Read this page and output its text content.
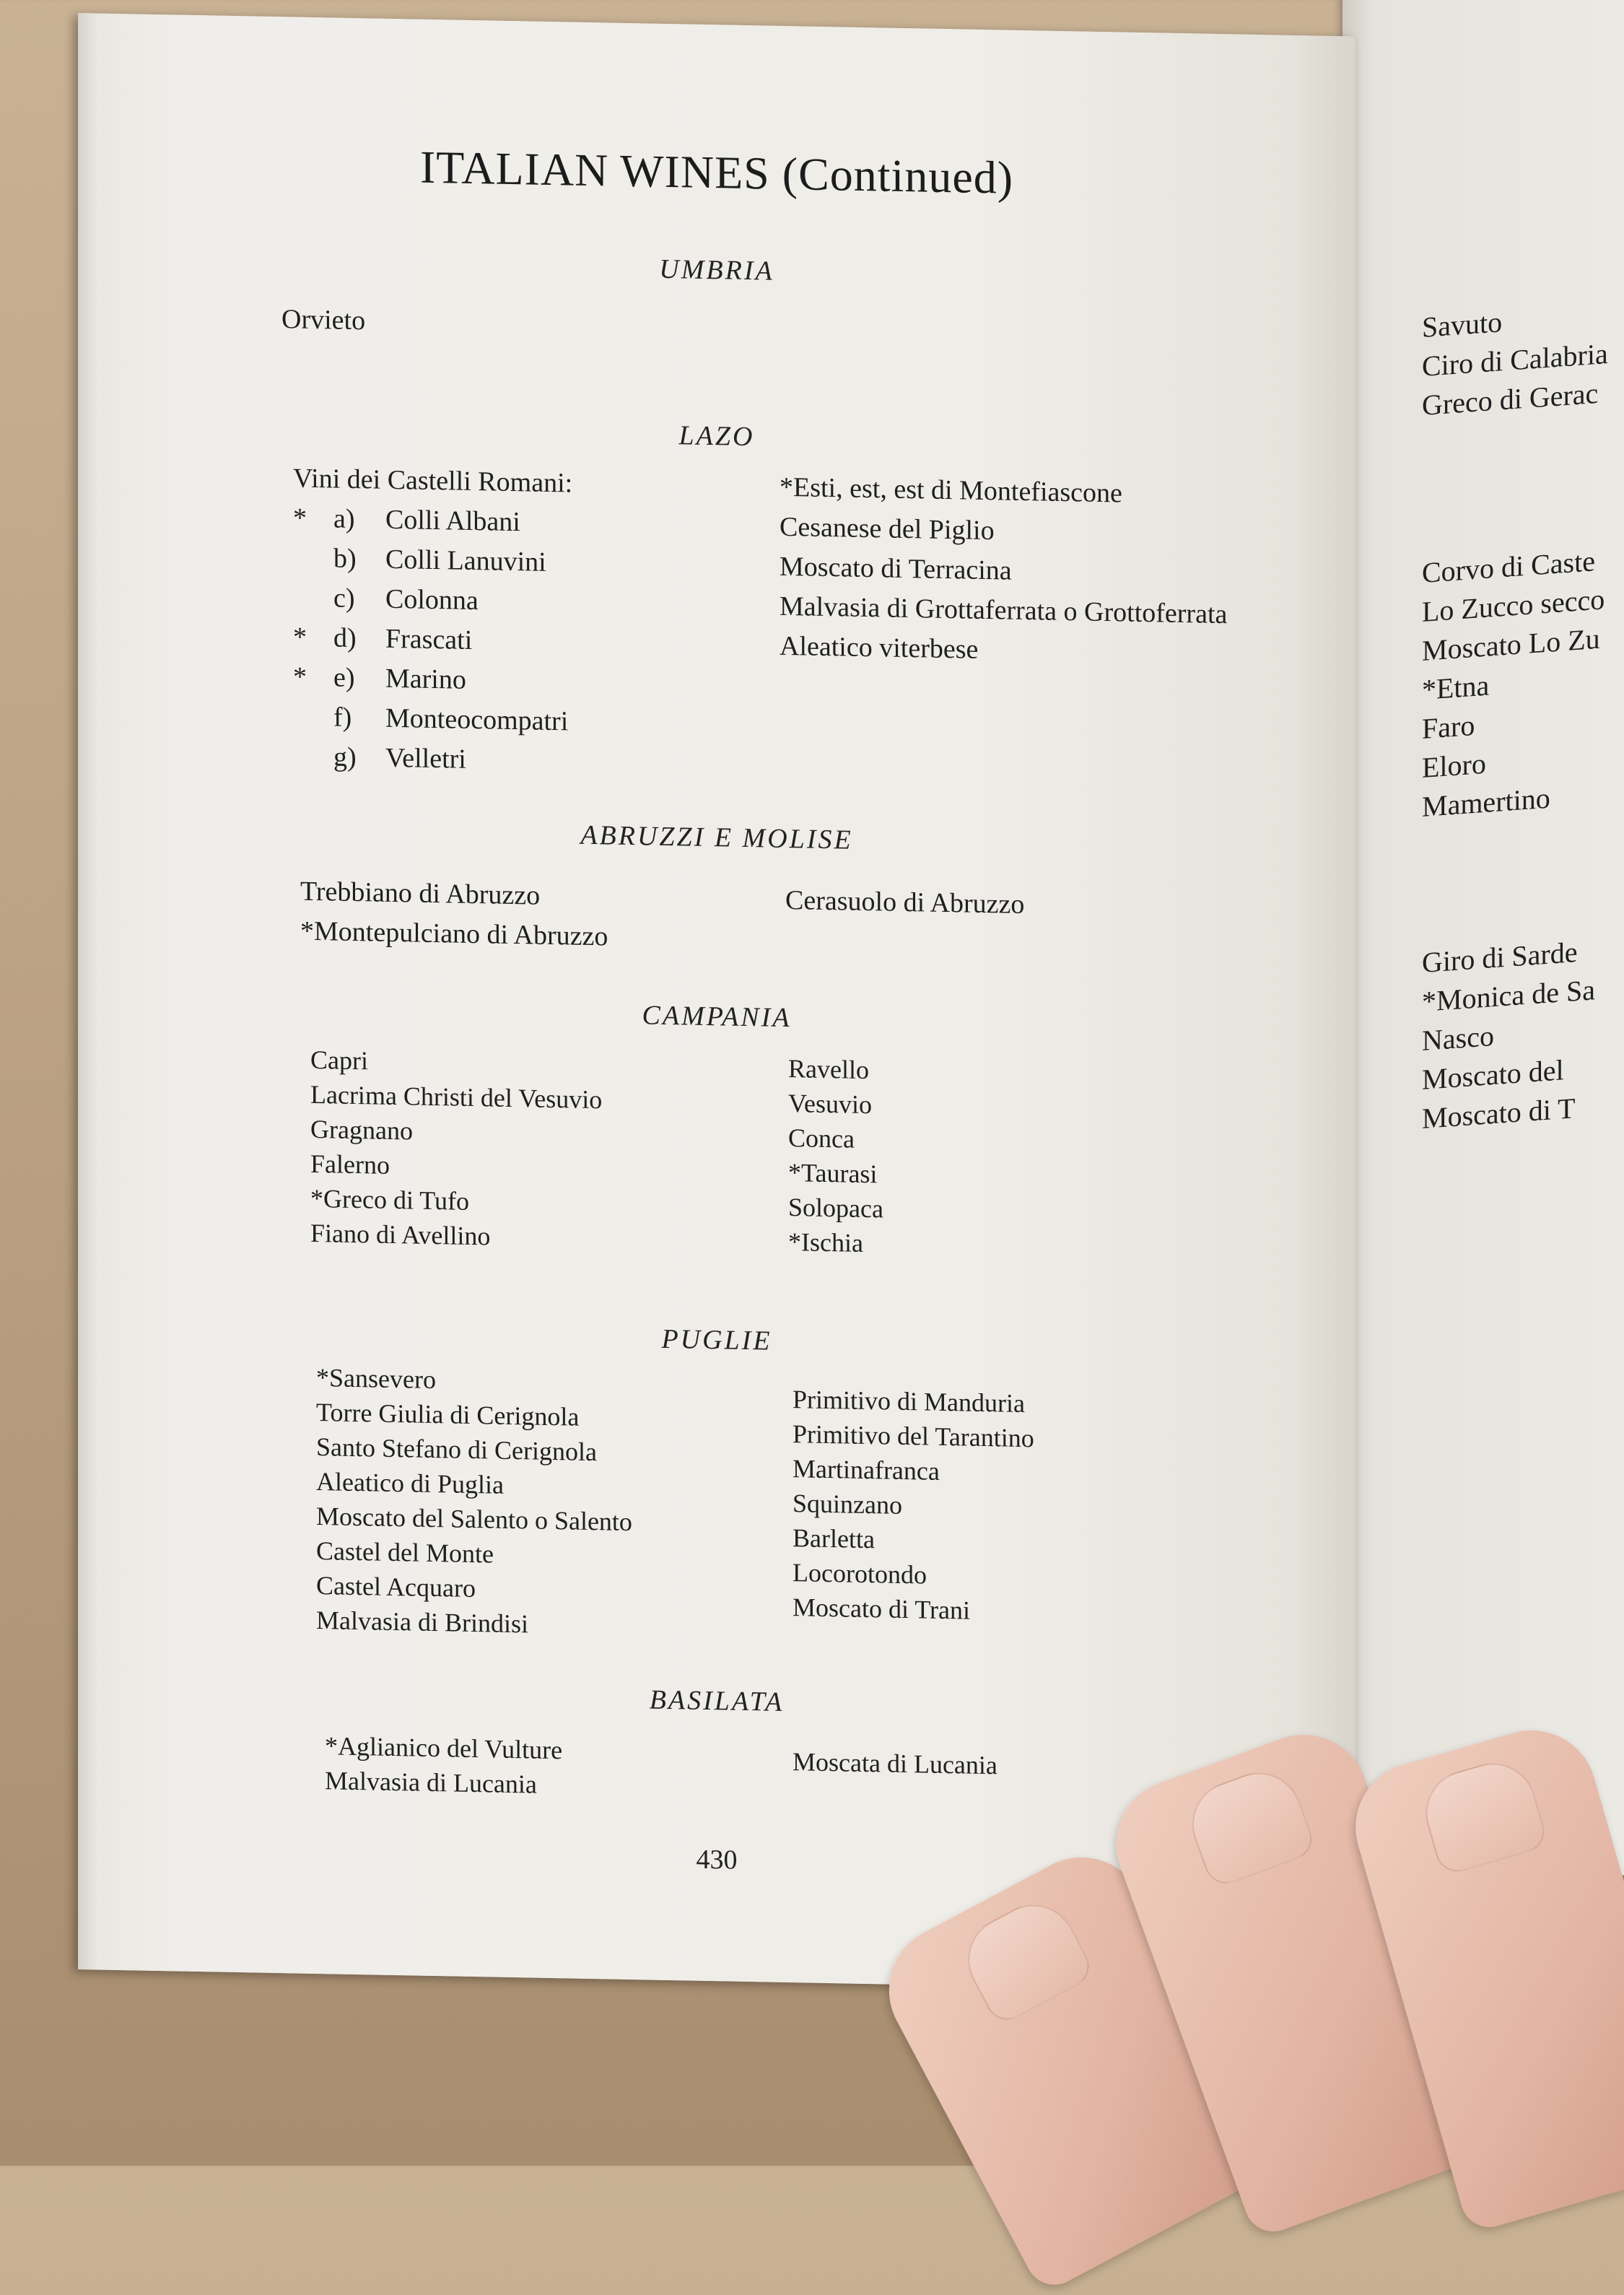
Savuto
Ciro di Calabria
Greco di Gerac
Corvo di Caste
Lo Zucco secco
Moscato Lo Zu
*Etna
Faro
Eloro
Mamertino
Giro di Sarde
*Monica de Sa
Nasco
Moscato del
Moscato di T
ITALIAN WINES (Continued)
UMBRIA
Orvieto
LAZO
Vini dei Castelli Romani:
* a) Colli Albani
b) Colli Lanuvini
c) Colonna
* d) Frascati
* e) Marino
f) Monteocompatri
g) Velletri
*Esti, est, est di Montefiascone
Cesanese del Piglio
Moscato di Terracina
Malvasia di Grottaferrata o Grottoferrata
Aleatico viterbese
ABRUZZI E MOLISE
Trebbiano di Abruzzo
*Montepulciano di Abruzzo
Cerasuolo di Abruzzo
CAMPANIA
Capri
Lacrima Christi del Vesuvio
Gragnano
Falerno
*Greco di Tufo
Fiano di Avellino
Ravello
Vesuvio
Conca
*Taurasi
Solopaca
*Ischia
PUGLIE
*Sansevero
Torre Giulia di Cerignola
Santo Stefano di Cerignola
Aleatico di Puglia
Moscato del Salento o Salento
Castel del Monte
Castel Acquaro
Malvasia di Brindisi
Primitivo di Manduria
Primitivo del Tarantino
Martinafranca
Squinzano
Barletta
Locorotondo
Moscato di Trani
BASILATA
*Aglianico del Vulture
Malvasia di Lucania
Moscata di Lucania
430
